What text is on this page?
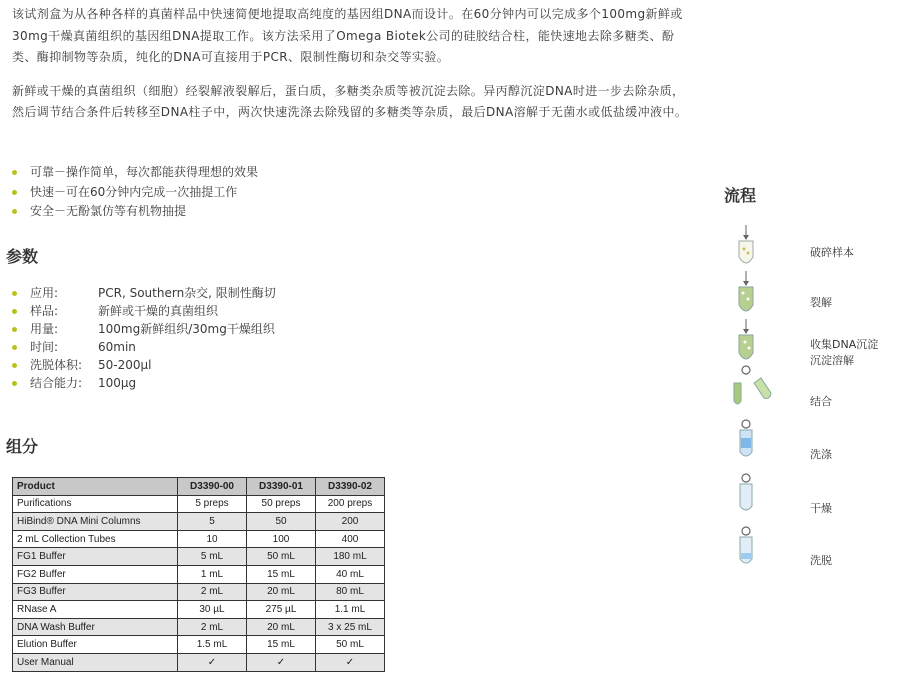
该试剂盒为从各种各样的真菌样品中快速简便地提取高纯度的基因组DNA而设计。在60分钟内可以完成多个100mg新鲜或30mg干燥真菌组织的基因组DNA提取工作。该方法采用了Omega Biotek公司的硅胶结合柱，能快速地去除多糖类、酚类、酶抑制物等杂质，纯化的DNA可直接用于PCR、限制性酶切和杂交等实验。

新鲜或干燥的真菌组织（细胞）经裂解液裂解后，蛋白质，多糖类杂质等被沉淀去除。异丙醇沉淀DNA时进一步去除杂质，然后调节结合条件后转移至DNA柱子中，两次快速洗涤去除残留的多糖类等杂质，最后DNA溶解于无菌水或低盐缓冲液中。

可靠－操作简单，每次都能获得理想的效果
快速－可在60分钟内完成一次抽提工作
安全－无酚氯仿等有机物抽提
参数
应用:	PCR, Southern杂交, 限制性酶切
样品:	新鲜或干燥的真菌组织
用量:	100mg新鲜组织/30mg干燥组织
时间:	60min
洗脱体积:	50-200μl
结合能力:	100μg
组分
Product	D3390-00	D3390-01	D3390-02
Purifications	5 preps	50 preps	200 preps
HiBind® DNA Mini Columns	5	50	200
2 mL Collection Tubes	10	100	400
FG1 Buffer	5 mL	50 mL	180 mL
FG2 Buffer	1 mL	15 mL	40 mL
FG3 Buffer	2 mL	20 mL	80 mL
RNase A	30 µL	275 µL	1.1 mL
DNA Wash Buffer	2 mL	20 mL	3 x 25 mL
Elution Buffer	1.5 mL	15 mL	50 mL
User Manual	✓	✓	✓
流程
破碎样本
裂解
收集DNA沉淀
沉淀溶解
结合
洗涤
干燥
洗脱
